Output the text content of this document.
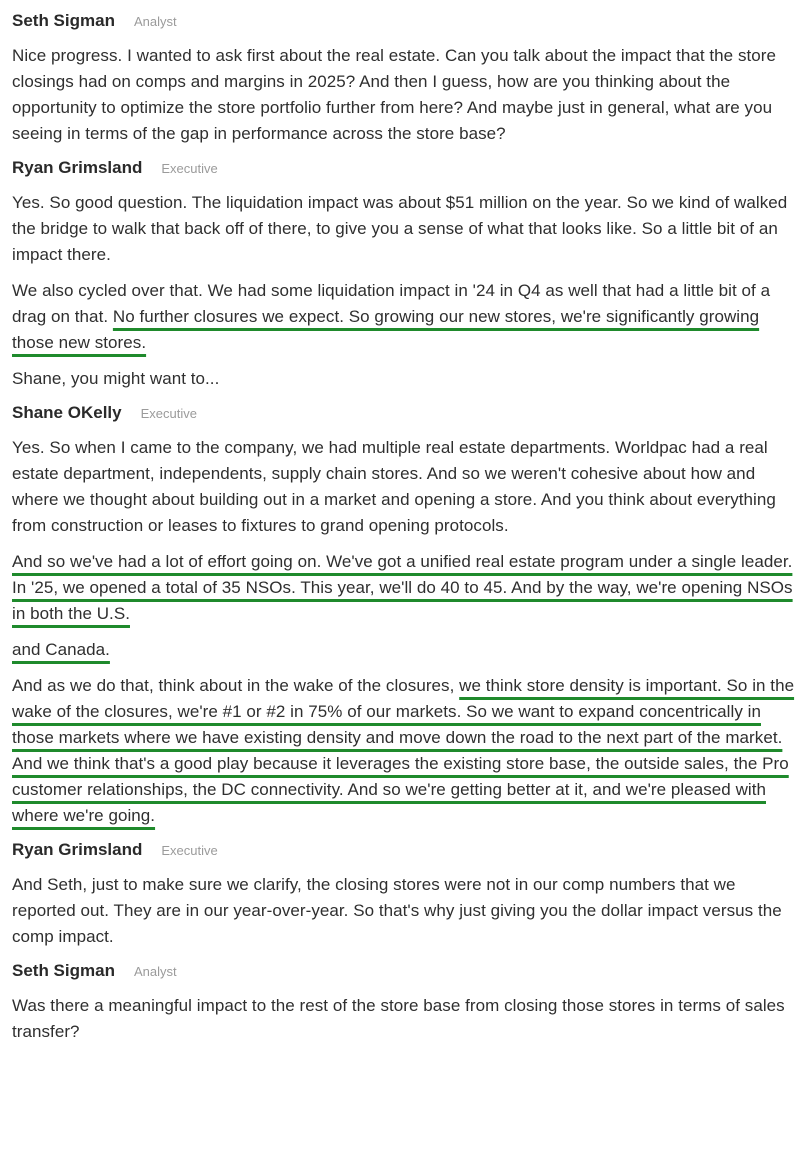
Seth Sigman Analyst

Nice progress. I wanted to ask first about the real estate. Can you talk about the impact that the store closings had on comps and margins in 2025? And then I guess, how are you thinking about the opportunity to optimize the store portfolio further from here? And maybe just in general, what are you seeing in terms of the gap in performance across the store base?

Ryan Grimsland Executive

Yes. So good question. The liquidation impact was about $51 million on the year. So we kind of walked the bridge to walk that back off of there, to give you a sense of what that looks like. So a little bit of an impact there.

We also cycled over that. We had some liquidation impact in '24 in Q4 as well that had a little bit of a drag on that. No further closures we expect. So growing our new stores, we're significantly growing those new stores.

Shane, you might want to...

Shane OKelly Executive

Yes. So when I came to the company, we had multiple real estate departments. Worldpac had a real estate department, independents, supply chain stores. And so we weren't cohesive about how and where we thought about building out in a market and opening a store. And you think about everything from construction or leases to fixtures to grand opening protocols.

And so we've had a lot of effort going on. We've got a unified real estate program under a single leader. In '25, we opened a total of 35 NSOs. This year, we'll do 40 to 45. And by the way, we're opening NSOs in both the U.S.

and Canada.

And as we do that, think about in the wake of the closures, we think store density is important. So in the wake of the closures, we're #1 or #2 in 75% of our markets. So we want to expand concentrically in those markets where we have existing density and move down the road to the next part of the market. And we think that's a good play because it leverages the existing store base, the outside sales, the Pro customer relationships, the DC connectivity. And so we're getting better at it, and we're pleased with where we're going.

Ryan Grimsland Executive

And Seth, just to make sure we clarify, the closing stores were not in our comp numbers that we reported out. They are in our year-over-year. So that's why just giving you the dollar impact versus the comp impact.

Seth Sigman Analyst

Was there a meaningful impact to the rest of the store base from closing those stores in terms of sales transfer?
